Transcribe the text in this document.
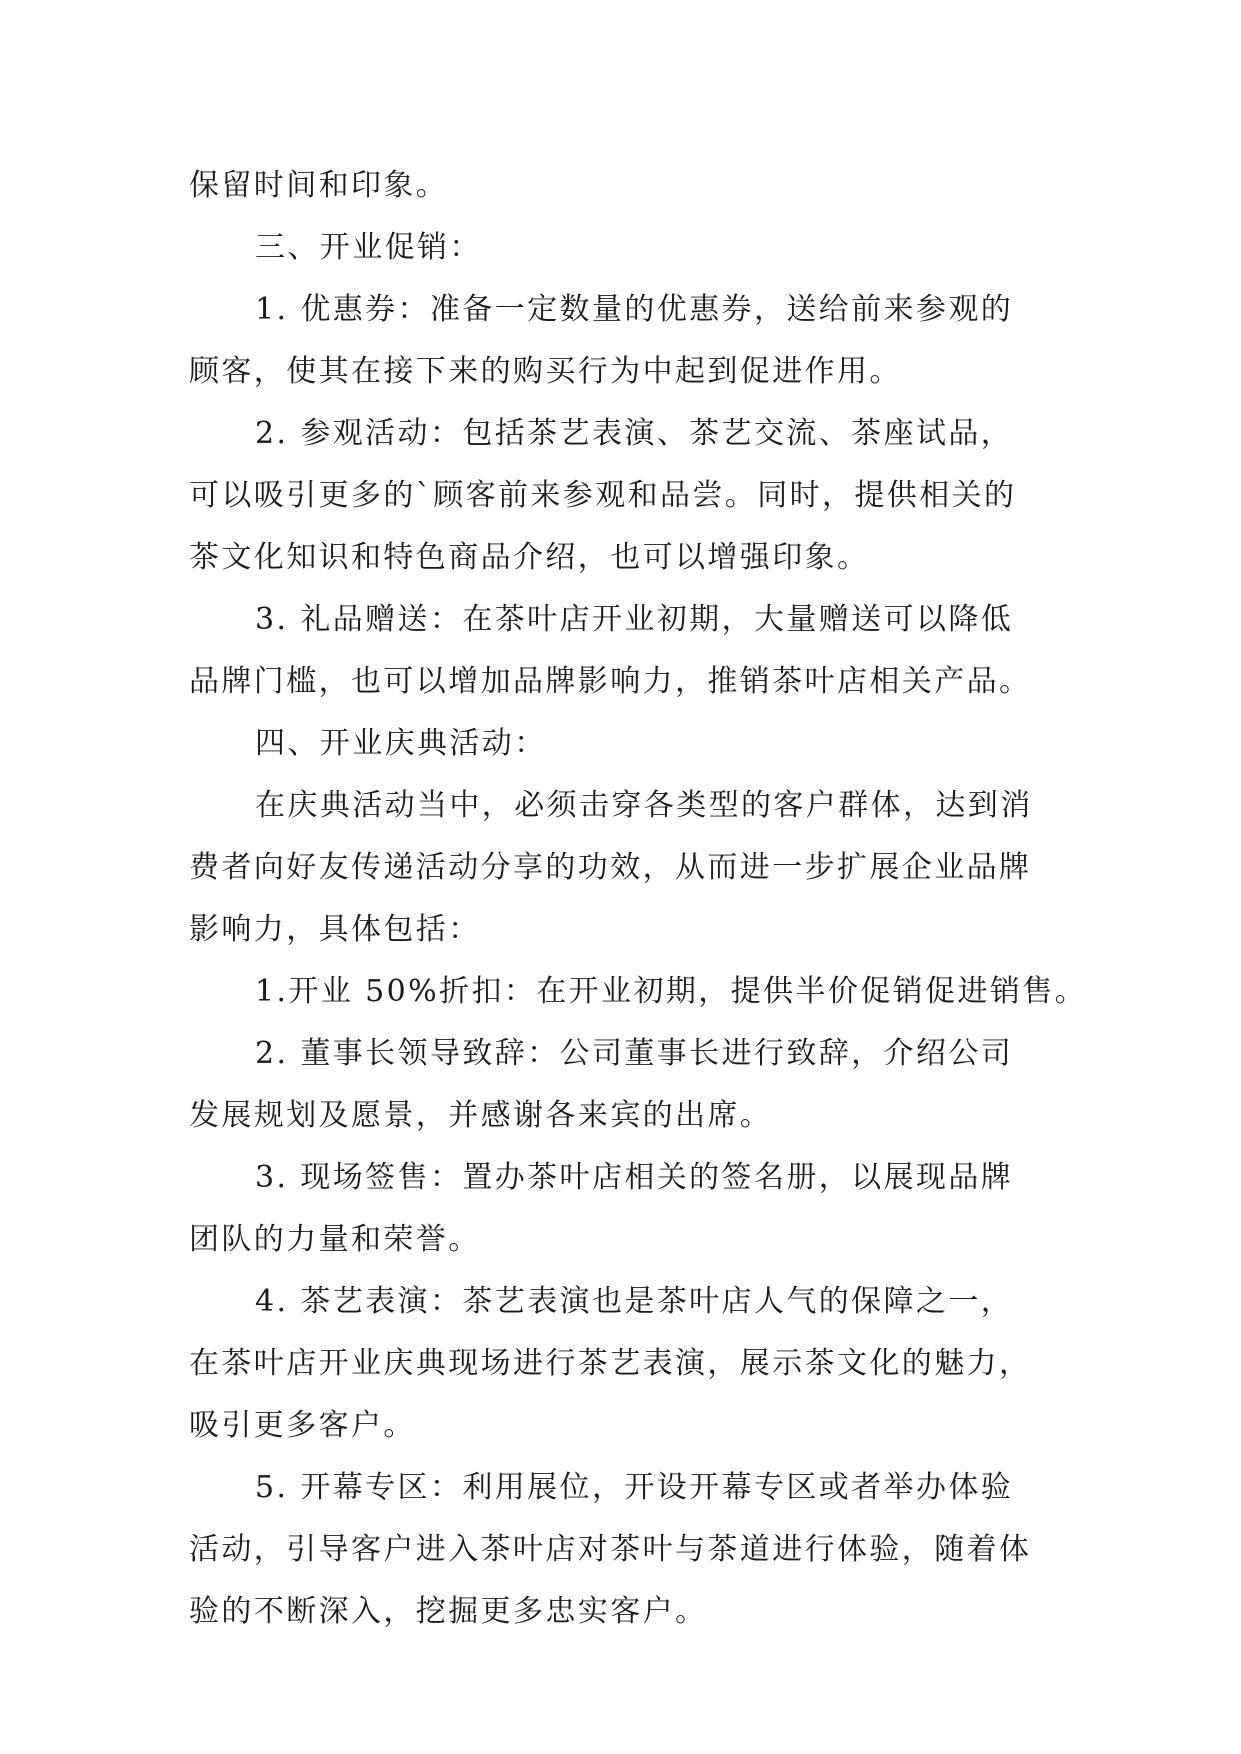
保留时间和印象。
三、开业促销：
1. 优惠券：准备一定数量的优惠券，送给前来参观的
顾客，使其在接下来的购买行为中起到促进作用。
2. 参观活动：包括茶艺表演、茶艺交流、茶座试品，
可以吸引更多的`顾客前来参观和品尝。同时，提供相关的
茶文化知识和特色商品介绍，也可以增强印象。
3. 礼品赠送：在茶叶店开业初期，大量赠送可以降低
品牌门槛，也可以增加品牌影响力，推销茶叶店相关产品。
四、开业庆典活动：
在庆典活动当中，必须击穿各类型的客户群体，达到消
费者向好友传递活动分享的功效，从而进一步扩展企业品牌
影响力，具体包括：
1.开业 50%折扣：在开业初期，提供半价促销促进销售。
2. 董事长领导致辞：公司董事长进行致辞，介绍公司
发展规划及愿景，并感谢各来宾的出席。
3. 现场签售：置办茶叶店相关的签名册，以展现品牌
团队的力量和荣誉。
4. 茶艺表演：茶艺表演也是茶叶店人气的保障之一，
在茶叶店开业庆典现场进行茶艺表演，展示茶文化的魅力，
吸引更多客户。
5. 开幕专区：利用展位，开设开幕专区或者举办体验
活动，引导客户进入茶叶店对茶叶与茶道进行体验，随着体
验的不断深入，挖掘更多忠实客户。
